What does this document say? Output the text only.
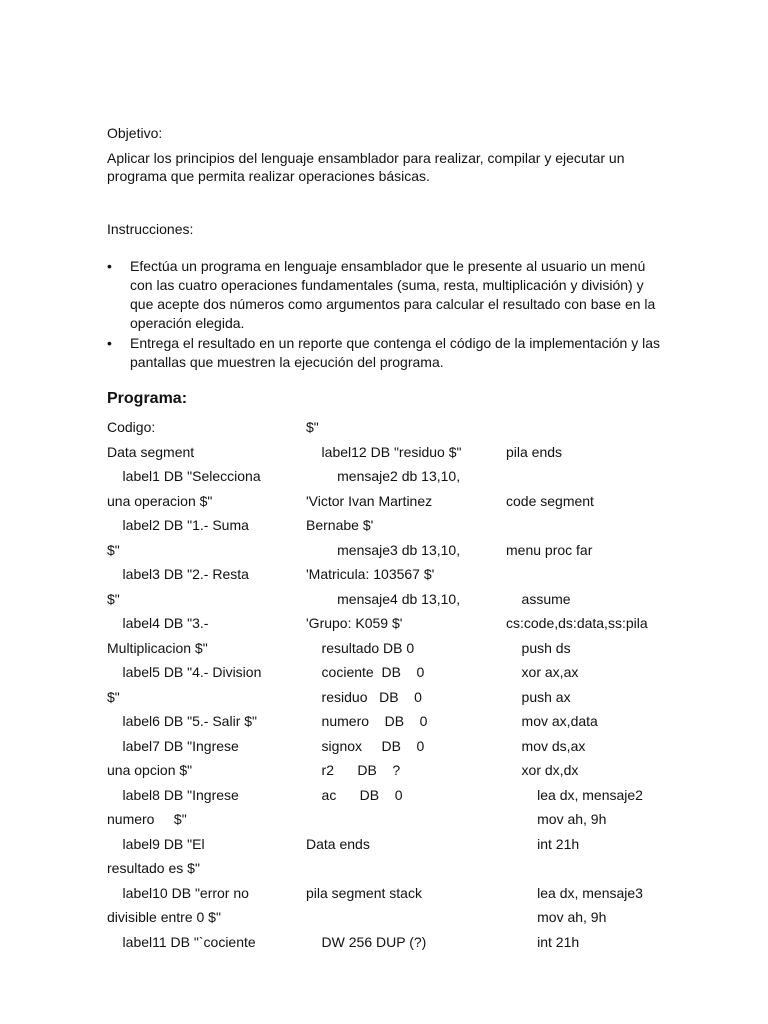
Objetivo:

Aplicar los principios del lenguaje ensamblador para realizar, compilar y ejecutar un

programa que permita realizar operaciones básicas.

Instrucciones:

• Efectúa un programa en lenguaje ensamblador que le presente al usuario un menú
con las cuatro operaciones fundamentales (suma, resta, multiplicación y división) y
que acepte dos números como argumentos para calcular el resultado con base en la
operación elegida.
• Entrega el resultado en un reporte que contenga el código de la implementación y las
pantallas que muestren la ejecución del programa.

Programa:

Codigo:
Data segment
label1 DB "Selecciona
una operacion $"
label2 DB "1.- Suma
$"
label3 DB "2.- Resta
$"
label4 DB "3.-
Multiplicacion $"
label5 DB "4.- Division
$"
label6 DB "5.- Salir $"
label7 DB "Ingrese
una opcion $"
label8 DB "Ingrese
numero     $"
label9 DB "El
resultado es $"
label10 DB "error no
divisible entre 0 $"
label11 DB "`cociente
$"
label12 DB "residuo $"
mensaje2 db 13,10,
'Victor Ivan Martinez
Bernabe $'
mensaje3 db 13,10,
'Matricula: 103567 $'
mensaje4 db 13,10,
'Grupo: K059 $'
resultado DB 0
cociente  DB    0
residuo   DB    0
numero    DB    0
signox     DB    0
r2      DB    ?
ac      DB    0
Data ends
pila segment stack
DW 256 DUP (?)
pila ends
code segment
menu proc far
assume
cs:code,ds:data,ss:pila
push ds
xor ax,ax
push ax
mov ax,data
mov ds,ax
xor dx,dx
lea dx, mensaje2
mov ah, 9h
int 21h
lea dx, mensaje3
mov ah, 9h
int 21h
